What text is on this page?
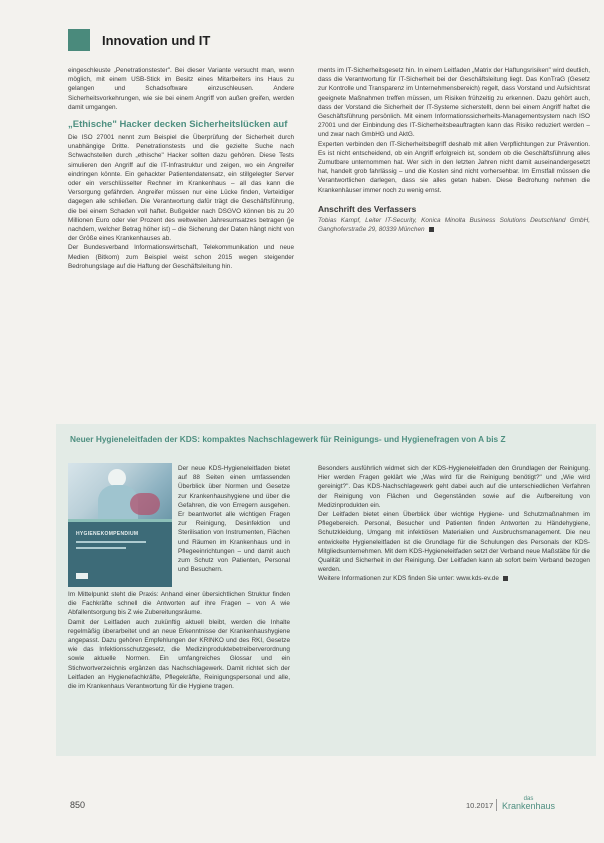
Innovation und IT

eingeschleuste „Penetrationstester". Bei dieser Variante versucht man, wenn möglich, mit einem USB-Stick im Besitz eines Mitarbeiters ins Haus zu gelangen und Schadsoftware einzuschleusen. Andere Sicherheitsvorkehrungen, wie sie bei einem Angriff von außen greifen, werden damit umgangen.

„Ethische" Hacker decken Sicherheitslücken auf

Die ISO 27001 nennt zum Beispiel die Überprüfung der Sicherheit durch unabhängige Dritte. Penetrationstests und die gezielte Suche nach Schwachstellen durch „ethische" Hacker sollten dazu gehören. Diese Tests simulieren den Angriff auf die IT-Infrastruktur und zeigen, wo ein Angreifer eindringen könnte. Ein gehackter Patientendatensatz, ein stillgelegter Server oder ein verschlüsselter Rechner im Krankenhaus – all das kann die Versorgung gefährden. Angreifer müssen nur eine Lücke finden, Verteidiger dagegen alle schließen. Die Verantwortung dafür trägt die Geschäftsführung, die bei einem Schaden voll haftet. Bußgelder nach DSGVO können bis zu 20 Millionen Euro oder vier Prozent des weltweiten Jahresumsatzes betragen (je nachdem, welcher Betrag höher ist) – die Sicherung der Daten hängt nicht von der Größe eines Krankenhauses ab.

Der Bundesverband Informationswirtschaft, Telekommunikation und neue Medien (Bitkom) zum Beispiel weist schon 2015 wegen steigender Bedrohungslage auf die Haftung der Geschäftsleitung hin.

ments im IT-Sicherheitsgesetz hin. In einem Leitfaden „Matrix der Haftungsrisiken" wird deutlich, dass die Verantwortung für IT-Sicherheit bei der Geschäftsleitung liegt. Das KonTraG (Gesetz zur Kontrolle und Transparenz im Unternehmensbereich) regelt, dass Vorstand und Aufsichtsrat geeignete Maßnahmen treffen müssen, um Risiken frühzeitig zu erkennen. Dazu gehört auch, dass der Vorstand die Sicherheit der IT-Systeme sicherstellt, denn bei einem Angriff haftet die Geschäftsführung persönlich. Mit einem Informationssicherheits-Managementsystem nach ISO 27001 und der Einbindung des IT-Sicherheitsbeauftragten kann das Risiko reduziert werden – und zwar nach GmbHG und AktG.

Experten verbinden den IT-Sicherheitsbegriff deshalb mit allen Verpflichtungen zur Prävention. Es ist nicht entscheidend, ob ein Angriff erfolgreich ist, sondern ob die Geschäftsführung alles Zumutbare unternommen hat. Wer sich in den letzten Jahren nicht damit auseinandergesetzt hat, handelt grob fahrlässig – und die Kosten sind nicht vorhersehbar. Im Ernstfall müssen die Verantwortlichen darlegen, dass sie alles getan haben. Diese Bedrohung nehmen die Krankenhäuser immer noch zu wenig ernst.

Anschrift des Verfassers

Tobias Kampf, Leiter IT-Security, Konica Minolta Business Solutions Deutschland GmbH, Ganghoferstraße 29, 80339 München

Neuer Hygieneleitfaden der KDS: kompaktes Nachschlagewerk für Reinigungs- und Hygienefragen von A bis Z
HYGIENEKOMPENDIUM

Der neue KDS-Hygieneleitfaden bietet auf 88 Seiten einen umfassenden Überblick über Normen und Gesetze zur Krankenhaushygiene und über die Gefahren, die von Erregern ausgehen. Er beantwortet alle wichtigen Fragen zur Reinigung, Desinfektion und Sterilisation von Instrumenten, Flächen und Räumen im Krankenhaus und in Pflegeeinrichtungen – und damit auch zum Schutz von Patienten, Personal und Besuchern.

Im Mittelpunkt steht die Praxis: Anhand einer übersichtlichen Struktur finden die Fachkräfte schnell die Antworten auf ihre Fragen – von A wie Abfallentsorgung bis Z wie Zubereitungsräume.

Damit der Leitfaden auch zukünftig aktuell bleibt, werden die Inhalte regelmäßig überarbeitet und an neue Erkenntnisse der Krankenhaushygiene angepasst. Dazu gehören Empfehlungen der KRINKO und des RKI, Gesetze wie das Infektionsschutzgesetz, die Medizinproduktebetreiberverordnung sowie aktuelle Normen. Ein umfangreiches Glossar und ein Stichwortverzeichnis ergänzen das Nachschlagewerk. Damit richtet sich der Leitfaden an Hygienefachkräfte, Pflegekräfte, Reinigungspersonal und alle, die im Krankenhaus Verantwortung für die Hygiene tragen.

Besonders ausführlich widmet sich der KDS-Hygieneleitfaden den Grundlagen der Reinigung. Hier werden Fragen geklärt wie „Was wird für die Reinigung benötigt?" und „Wie wird gereinigt?". Das KDS-Nachschlagewerk geht dabei auch auf die unterschiedlichen Verfahren der Reinigung von Flächen und Gegenständen sowie auf die Aufbereitung von Medizinprodukten ein.

Der Leitfaden bietet einen Überblick über wichtige Hygiene- und Schutzmaßnahmen im Pflegebereich. Personal, Besucher und Patienten finden Antworten zu Händehygiene, Schutzkleidung, Umgang mit infektiösen Materialien und Ausbruchsmanagement. Die neu entwickelte Hygieneleitfaden ist die Grundlage für die Schulungen des Personals der KDS-Mitgliedsunternehmen. Mit dem KDS-Hygieneleitfaden setzt der Verband neue Maßstäbe für die Qualität und Sicherheit in der Reinigung. Der Leitfaden kann ab sofort beim Verband bezogen werden.

Weitere Informationen zur KDS finden Sie unter: www.kds-ev.de

850	10.2017
das
Krankenhaus
